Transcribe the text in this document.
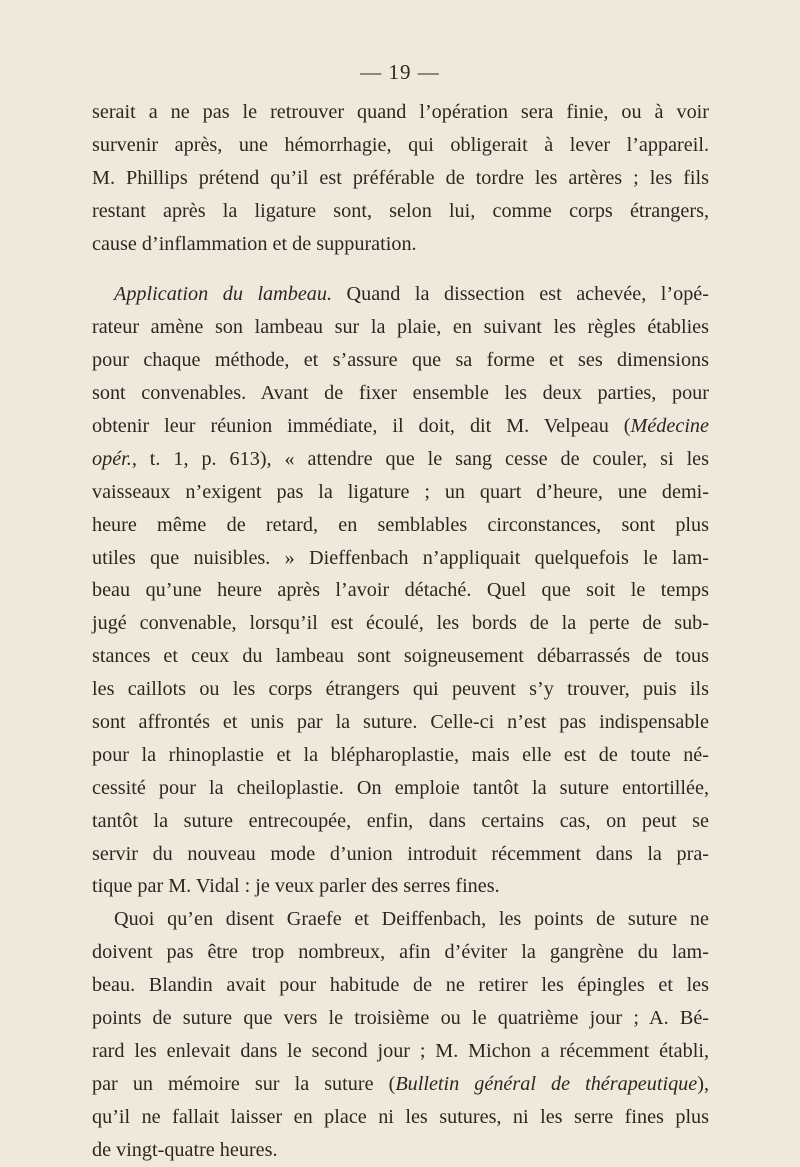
— 19 —
serait a ne pas le retrouver quand l’opération sera finie, ou à voir
survenir après, une hémorrhagie, qui obligerait à lever l’appareil.
M. Phillips prétend qu’il est préférable de tordre les artères ; les fils
restant après la ligature sont, selon lui, comme corps étrangers,
cause d’inflammation et de suppuration.
Application du lambeau. Quand la dissection est achevée, l’opé-
rateur amène son lambeau sur la plaie, en suivant les règles établies
pour chaque méthode, et s’assure que sa forme et ses dimensions
sont convenables. Avant de fixer ensemble les deux parties, pour
obtenir leur réunion immédiate, il doit, dit M. Velpeau (Médecine
opér., t. 1, p. 613), « attendre que le sang cesse de couler, si les
vaisseaux n’exigent pas la ligature ; un quart d’heure, une demi-
heure même de retard, en semblables circonstances, sont plus
utiles que nuisibles. » Dieffenbach n’appliquait quelquefois le lam-
beau qu’une heure après l’avoir détaché. Quel que soit le temps
jugé convenable, lorsqu’il est écoulé, les bords de la perte de sub-
stances et ceux du lambeau sont soigneusement débarrassés de tous
les caillots ou les corps étrangers qui peuvent s’y trouver, puis ils
sont affrontés et unis par la suture. Celle-ci n’est pas indispensable
pour la rhinoplastie et la blépharoplastie, mais elle est de toute né-
cessité pour la cheiloplastie. On emploie tantôt la suture entortillée,
tantôt la suture entrecoupée, enfin, dans certains cas, on peut se
servir du nouveau mode d’union introduit récemment dans la pra-
tique par M. Vidal : je veux parler des serres fines.
Quoi qu’en disent Graefe et Deiffenbach, les points de suture ne
doivent pas être trop nombreux, afin d’éviter la gangrène du lam-
beau. Blandin avait pour habitude de ne retirer les épingles et les
points de suture que vers le troisième ou le quatrième jour ; A. Bé-
rard les enlevait dans le second jour ; M. Michon a récemment établi,
par un mémoire sur la suture (Bulletin général de thérapeutique),
qu’il ne fallait laisser en place ni les sutures, ni les serre fines plus
de vingt-quatre heures.
